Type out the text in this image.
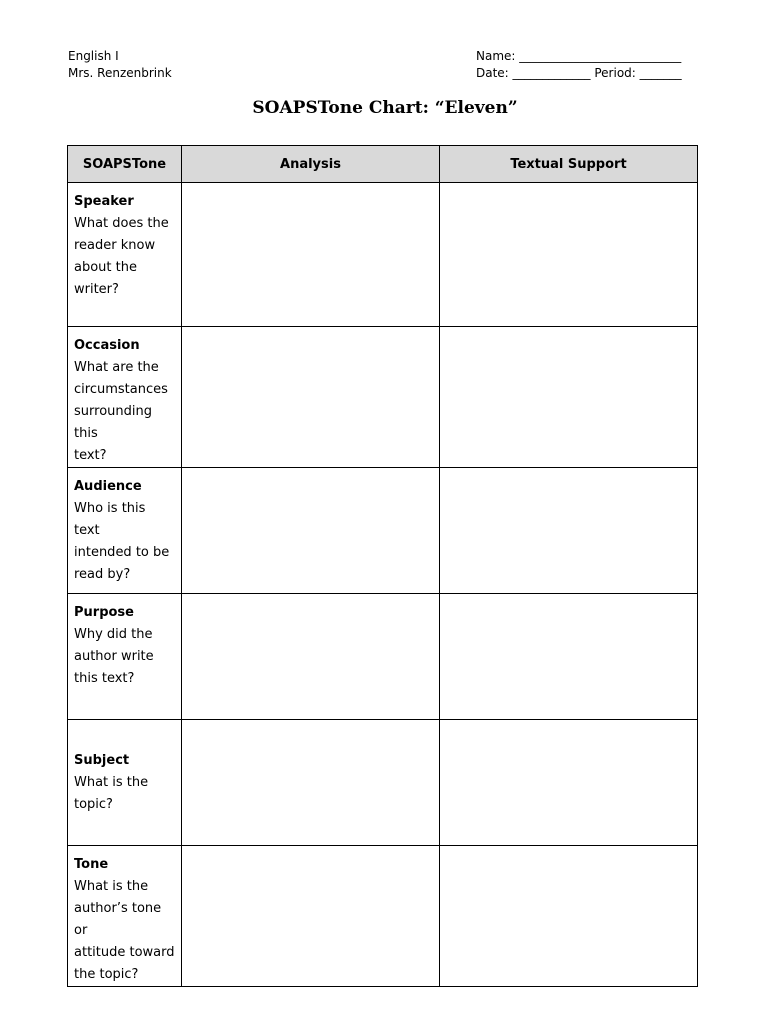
English I
Mrs. Renzenbrink
Name: ___________________________
Date: _____________ Period: _______
SOAPSTone Chart: “Eleven”
SOAPSTone	Analysis	Textual Support

Speaker
What does the
reader know
about the
writer?		

Occasion
What are the
circumstances
surrounding this
text?		

Audience
Who is this text
intended to be
read by?		

Purpose
Why did the
author write
this text?		

Subject
What is the
topic?		

Tone
What is the
author’s tone or
attitude toward
the topic?		
